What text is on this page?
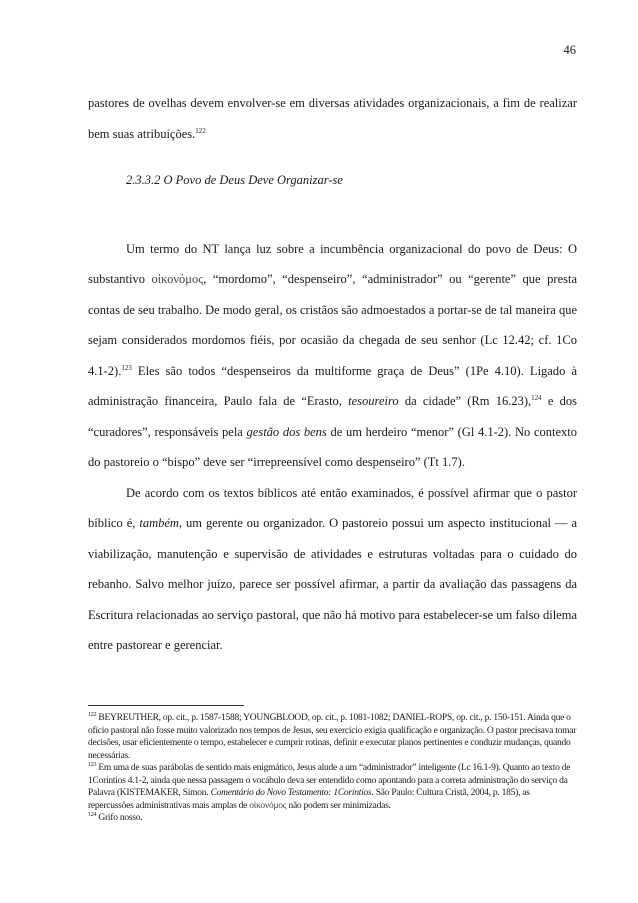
46

pastores de ovelhas devem envolver-se em diversas atividades organizacionais, a fim de realizar bem suas atribuições.$^{122}$

2.3.3.2 O Povo de Deus Deve Organizar-se

Um termo do NT lança luz sobre a incumbência organizacional do povo de Deus: O substantivo οἰκονόμος, “mordomo”, “despenseiro”, “administrador” ou “gerente” que presta contas de seu trabalho. De modo geral, os cristãos são admoestados a portar-se de tal maneira que sejam considerados mordomos fiéis, por ocasião da chegada de seu senhor (Lc 12.42; cf. 1Co 4.1-2).$^{123}$ Eles são todos “despenseiros da multiforme graça de Deus” (1Pe 4.10). Ligado à administração financeira, Paulo fala de “Erasto, tesoureiro da cidade” (Rm 16.23),$^{124}$ e dos “curadores”, responsáveis pela gestão dos bens de um herdeiro “menor” (Gl 4.1-2). No contexto do pastoreio o “bispo” deve ser “irrepreensível como despenseiro” (Tt 1.7).

De acordo com os textos bíblicos até então examinados, é possível afirmar que o pastor bíblico é, também, um gerente ou organizador. O pastoreio possui um aspecto institucional — a viabilização, manutenção e supervisão de atividades e estruturas voltadas para o cuidado do rebanho. Salvo melhor juízo, parece ser possível afirmar, a partir da avaliação das passagens da Escritura relacionadas ao serviço pastoral, que não há motivo para estabelecer-se um falso dilema entre pastorear e gerenciar.

$^{122}$ BEYREUTHER, op. cit., p. 1587-1588; YOUNGBLOOD, op. cit., p. 1081-1082; DANIEL-ROPS, op. cit., p. 150-151. Ainda que o ofício pastoral não fosse muito valorizado nos tempos de Jesus, seu exercício exigia qualificação e organização. O pastor precisava tomar decisões, usar eficientemente o tempo, estabelecer e cumprir rotinas, definir e executar planos pertinentes e conduzir mudanças, quando necessárias.

$^{123}$ Em uma de suas parábolas de sentido mais enigmático, Jesus alude a um “administrador” inteligente (Lc 16.1-9). Quanto ao texto de 1Coríntios 4.1-2, ainda que nessa passagem o vocábulo deva ser entendido como apontando para a correta administração do serviço da Palavra (KISTEMAKER, Simon. Comentário do Novo Testamento: 1Coríntios. São Paulo: Cultura Cristã, 2004, p. 185), as repercussões administrativas mais amplas de οἰκονόμος não podem ser minimizadas.

$^{124}$ Grifo nosso.
